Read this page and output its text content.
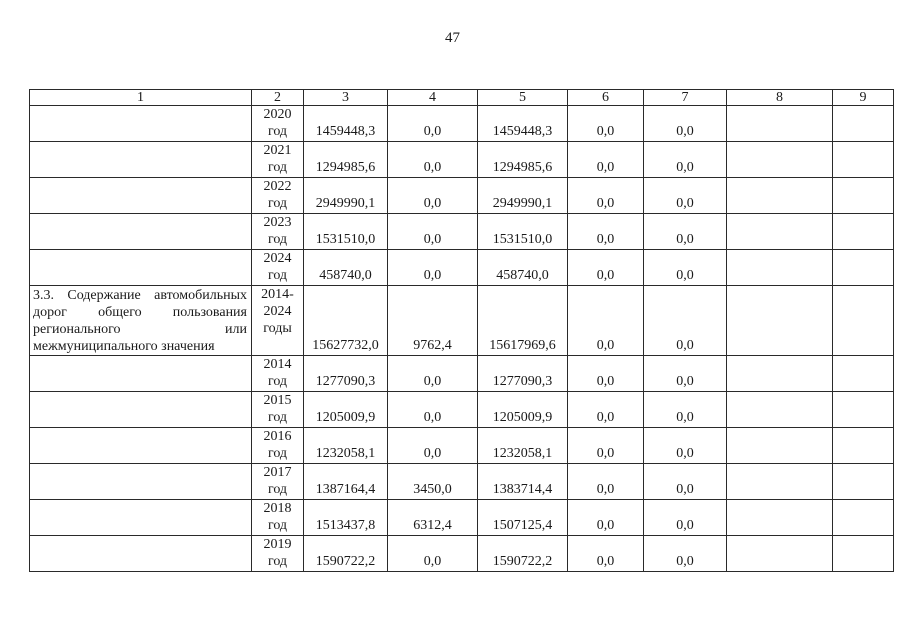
47
1	2	3	4	5	6	7	8	9
	2020
год	1459448,3	0,0	1459448,3	0,0	0,0		
	2021
год	1294985,6	0,0	1294985,6	0,0	0,0		
	2022
год	2949990,1	0,0	2949990,1	0,0	0,0		
	2023
год	1531510,0	0,0	1531510,0	0,0	0,0		
	2024
год	458740,0	0,0	458740,0	0,0	0,0		

3.3. Содержание автомобильных
дорог общего пользования
регионального или
межмуниципального значения	2014-
2024
годы	15627732,0	9762,4	15617969,6	0,0	0,0		
	2014
год	1277090,3	0,0	1277090,3	0,0	0,0		
	2015
год	1205009,9	0,0	1205009,9	0,0	0,0		
	2016
год	1232058,1	0,0	1232058,1	0,0	0,0		
	2017
год	1387164,4	3450,0	1383714,4	0,0	0,0		
	2018
год	1513437,8	6312,4	1507125,4	0,0	0,0		
	2019
год	1590722,2	0,0	1590722,2	0,0	0,0		
